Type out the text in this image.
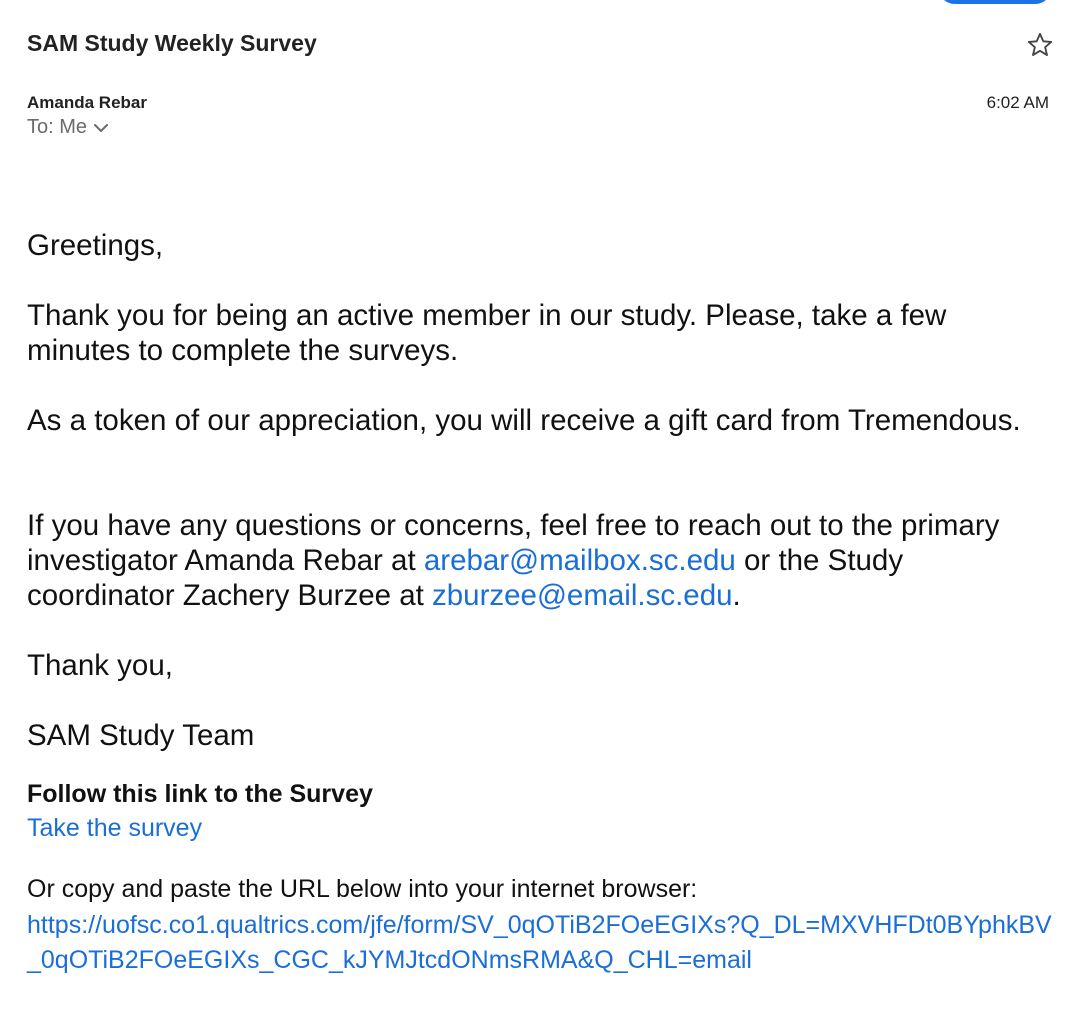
SAM Study Weekly Survey
Amanda Rebar	6:02 AM
To: Me
Greetings,
Thank you for being an active member in our study. Please, take a few minutes to complete the surveys.
As a token of our appreciation, you will receive a gift card from Tremendous.
If you have any questions or concerns, feel free to reach out to the primary investigator Amanda Rebar at arebar@mailbox.sc.edu or the Study coordinator Zachery Burzee at zburzee@email.sc.edu.
Thank you,
SAM Study Team
Follow this link to the Survey
Take the survey
Or copy and paste the URL below into your internet browser:
https://uofsc.co1.qualtrics.com/jfe/form/SV_0qOTiB2FOeEGIXs?Q_DL=MXVHFDt0BYphkBV_0qOTiB2FOeEGIXs_CGC_kJYMJtcdONmsRMA&Q_CHL=email
